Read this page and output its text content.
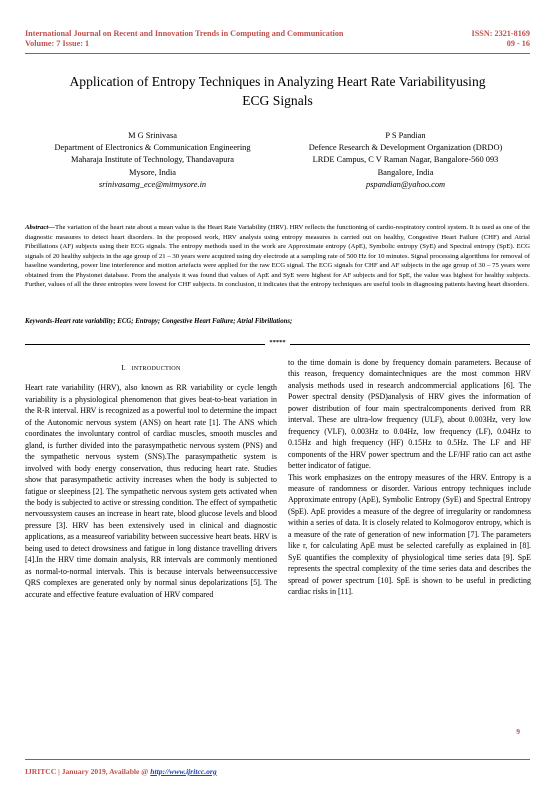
International Journal on Recent and Innovation Trends in Computing and Communication
Volume: 7 Issue: 1
ISSN: 2321-8169
09 - 16
Application of Entropy Techniques in Analyzing Heart Rate Variabilityusing
ECG Signals
M G Srinivasa
Department of Electronics & Communication Engineering
Maharaja Institute of Technology, Thandavapura
Mysore, India
srinivasamg_ece@mitmysore.in
P S Pandian
Defence Research & Development Organization (DRDO)
LRDE Campus, C V Raman Nagar, Bangalore-560 093
Bangalore, India
pspandian@yahoo.com
Abstract—The variation of the heart rate about a mean value is the Heart Rate Variability (HRV). HRV reflects the functioning of cardio-respiratory control system. It is used as one of the diagnostic measures to detect heart disorders. In the proposed work, HRV analysis using entropy measures is carried out on healthy, Congestive Heart Failure (CHF) and Atrial Fibrillations (AF) subjects using their ECG signals. The entropy methods used in the work are Approximate entropy (ApE), Symbolic entropy (SyE) and Spectral entropy (SpE). ECG signals of 20 healthy subjects in the age group of 21 – 30 years were acquired using dry electrode at a sampling rate of 500 Hz for 10 minutes. Signal processing algorithms for removal of baseline wandering, power line interference and motion artefacts were applied for the raw ECG signal. The ECG signals for CHF and AF subjects in the age group of 30 – 75 years were obtained from the Physionet database. From the analysis it was found that values of ApE and SyE were highest for AF subjects and for SpE, the value was highest for healthy subjects. Further, values of all the three entropies were lowest for CHF subjects. In conclusion, it indicates that the entropy techniques are useful tools in diagnosing patients having heart disorders.
Keywords-Heart rate variability; ECG; Entropy; Congestive Heart Failure; Atrial Fibrillations;
*****
I. INTRODUCTION

Heart rate variability (HRV), also known as RR variability or cycle length variability is a physiological phenomenon that gives beat-to-beat variation in the R-R interval. HRV is recognized as a powerful tool to determine the impact of the Autonomic nervous system (ANS) on heart rate [1]. The ANS which coordinates the involuntary control of cardiac muscles, smooth muscles and gland, is further divided into the parasympathetic nervous system (PNS) and the sympathetic nervous system (SNS).The parasympathetic system is involved with body energy conservation, thus reducing heart rate. Studies show that parasympathetic activity increases when the body is subjected to fatigue or sleepiness [2]. The sympathetic nervous system gets activated when the body is subjected to active or stressing condition. The effect of sympathetic nervoussystem causes an increase in heart rate, blood glucose levels and blood pressure [3]. HRV has been extensively used in clinical and diagnostic applications, as a measureof variability between successive heart beats. HRV is being used to detect drowsiness and fatigue in long distance travelling drivers [4].In the HRV time domain analysis, RR intervals are commonly mentioned as normal-to-normal intervals. This is because intervals betweensuccessive QRS complexes are generated only by normal sinus depolarizations [5]. The accurate and effective feature evaluation of HRV compared

to the time domain is done by frequency domain parameters. Because of this reason, frequency domaintechniques are the most common HRV analysis methods used in research andcommercial applications [6]. The Power spectral density (PSD)analysis of HRV gives the information of power distribution of four main spectralcomponents derived from RR interval. These are ultra-low frequency (ULF), about 0.003Hz, very low frequency (VLF), 0.003Hz to 0.04Hz, low frequency (LF), 0.04Hz to 0.15Hz and high frequency (HF) 0.15Hz to 0.5Hz. The LF and HF components of the HRV power spectrum and the LF/HF ratio can act asthe better indicator of fatigue.

This work emphasizes on the entropy measures of the HRV. Entropy is a measure of randomness or disorder. Various entropy techniques include Approximate entropy (ApE), Symbolic Entropy (SyE) and Spectral Entropy (SpE). ApE provides a measure of the degree of irregularity or randomness within a series of data. It is closely related to Kolmogorov entropy, which is a measure of the rate of generation of new information [7]. The parameters like r, for calculating ApE must be selected carefully as explained in [8]. SyE quantifies the complexity of physiological time series data [9]. SpE represents the spectral complexity of the time series data and describes the spread of power spectrum [10]. SpE is shown to be useful in predicting cardiac risks in [11].

9
IJRITCC | January 2019, Available @ http://www.ijritcc.org
